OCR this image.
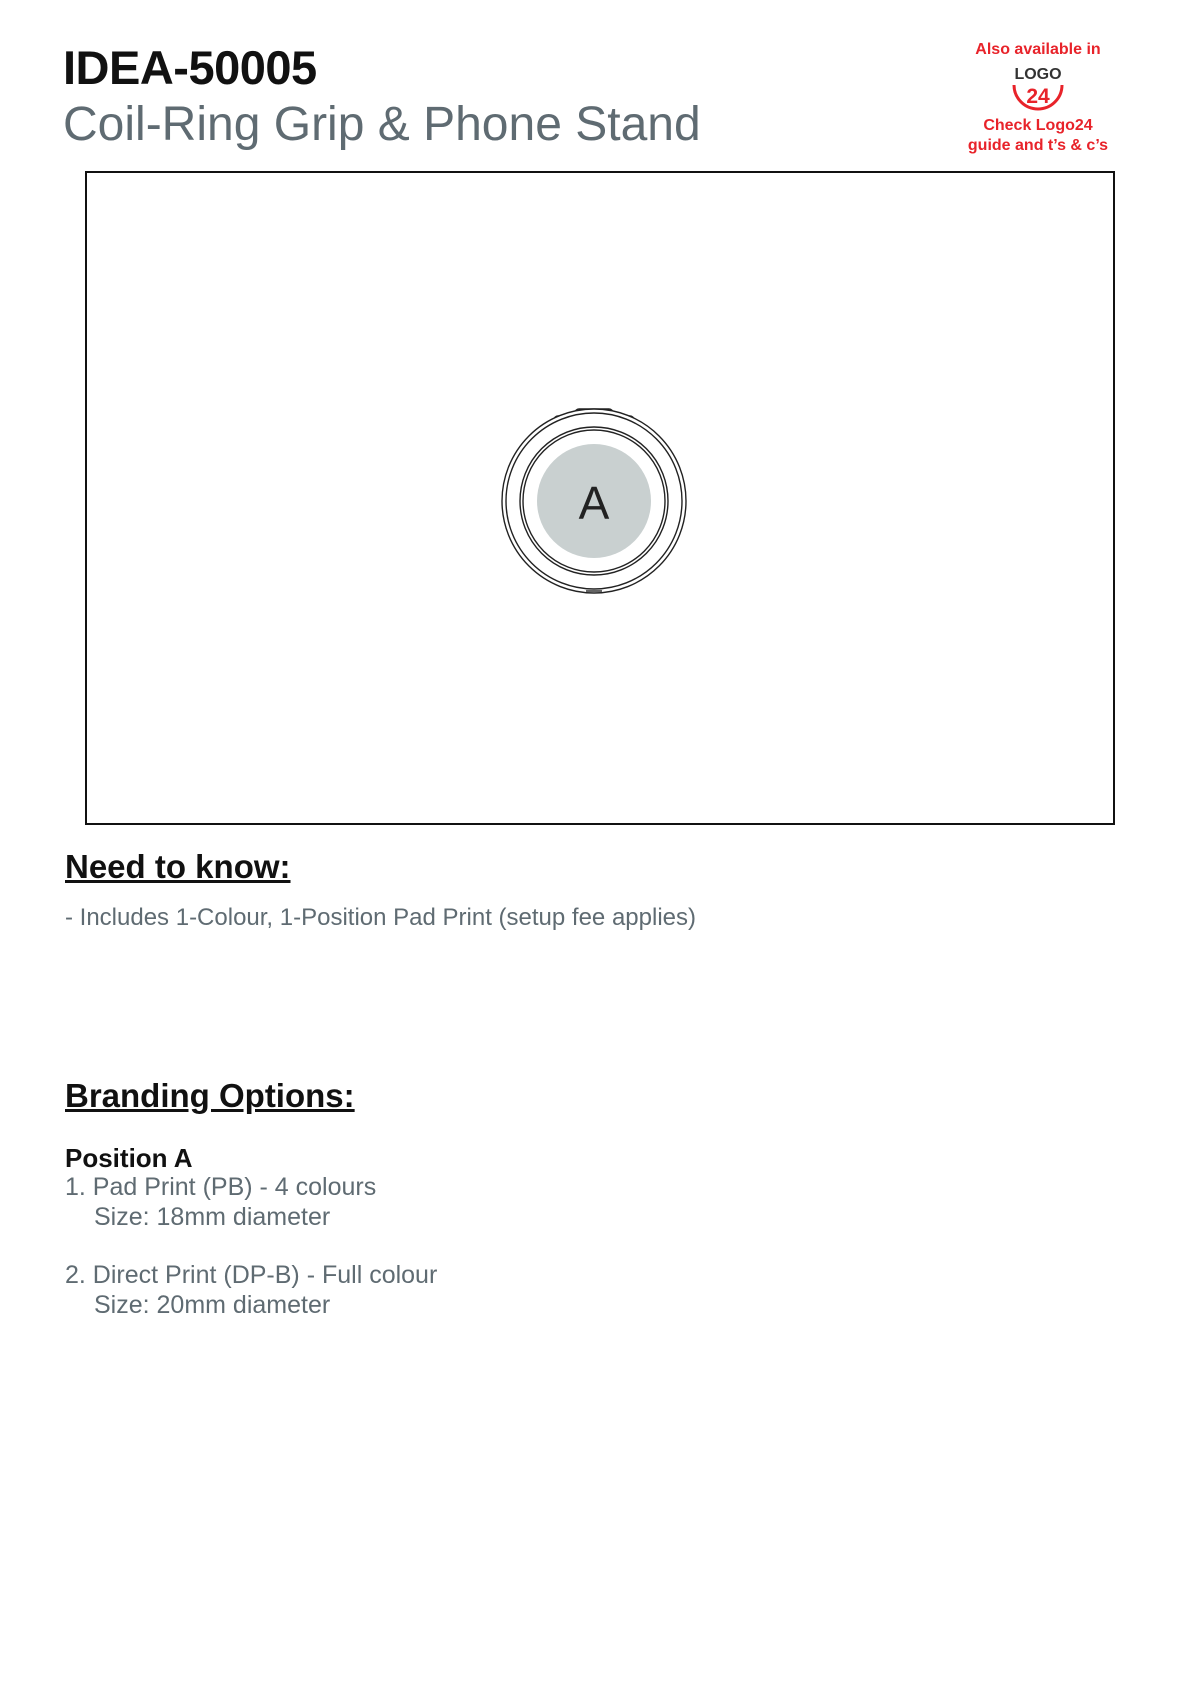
IDEA-50005
Coil-Ring Grip & Phone Stand
Also available in
LOGO
24
Check Logo24
guide and t’s & c’s
A
Need to know:
- Includes 1-Colour, 1-Position Pad Print (setup fee applies)
Branding Options:
Position A
1. Pad Print (PB) - 4 colours
Size: 18mm diameter
2. Direct Print (DP-B) - Full colour
Size: 20mm diameter
